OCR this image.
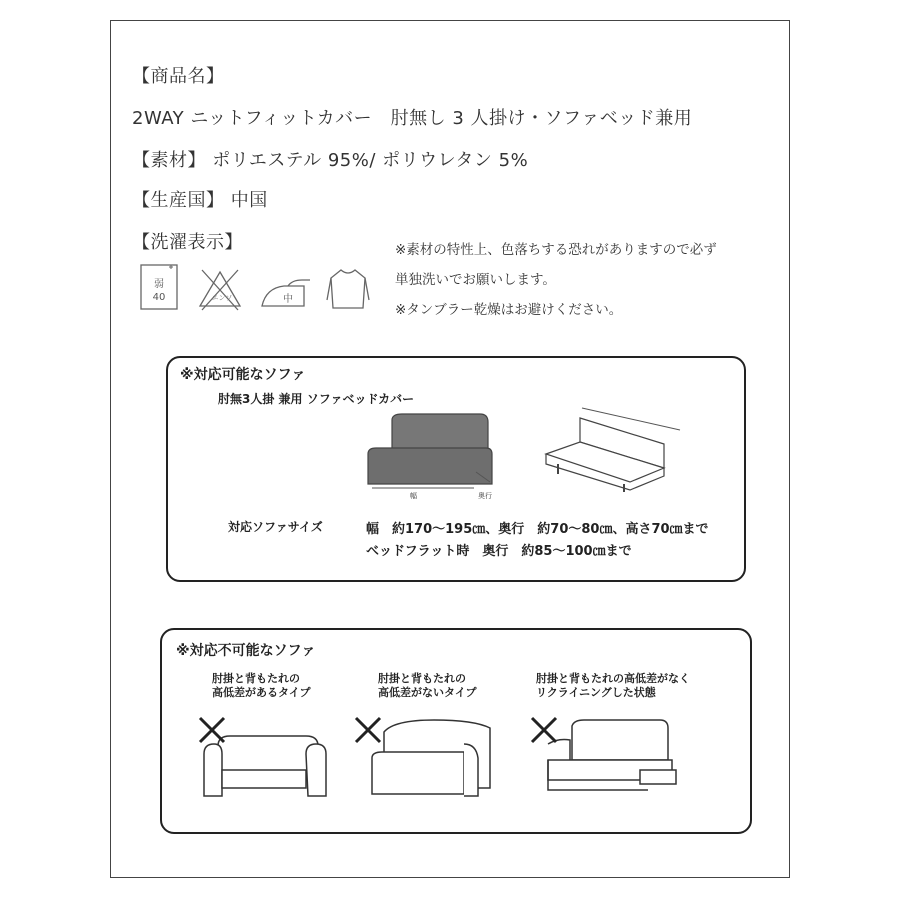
【商品名】
2WAY ニットフィットカバー　肘無し 3 人掛け・ソファベッド兼用
【素材】 ポリエステル 95%/ ポリウレタン 5%
【生産国】 中国
【洗濯表示】
弱
40	エンソ	中
※素材の特性上、色落ちする恐れがありますので必ず
単独洗いでお願いします。
※タンブラー乾燥はお避けください。
※対応可能なソファ
肘無3人掛 兼用 ソファベッドカバー
幅	奥行
対応ソファサイズ	幅　約170～195㎝、奥行　約70～80㎝、高さ70㎝まで
ベッドフラット時　奥行　約85～100㎝まで
※対応不可能なソファ
肘掛と背もたれの
高低差があるタイプ
肘掛と背もたれの
高低差がないタイプ
肘掛と背もたれの高低差がなく
リクライニングした状態
